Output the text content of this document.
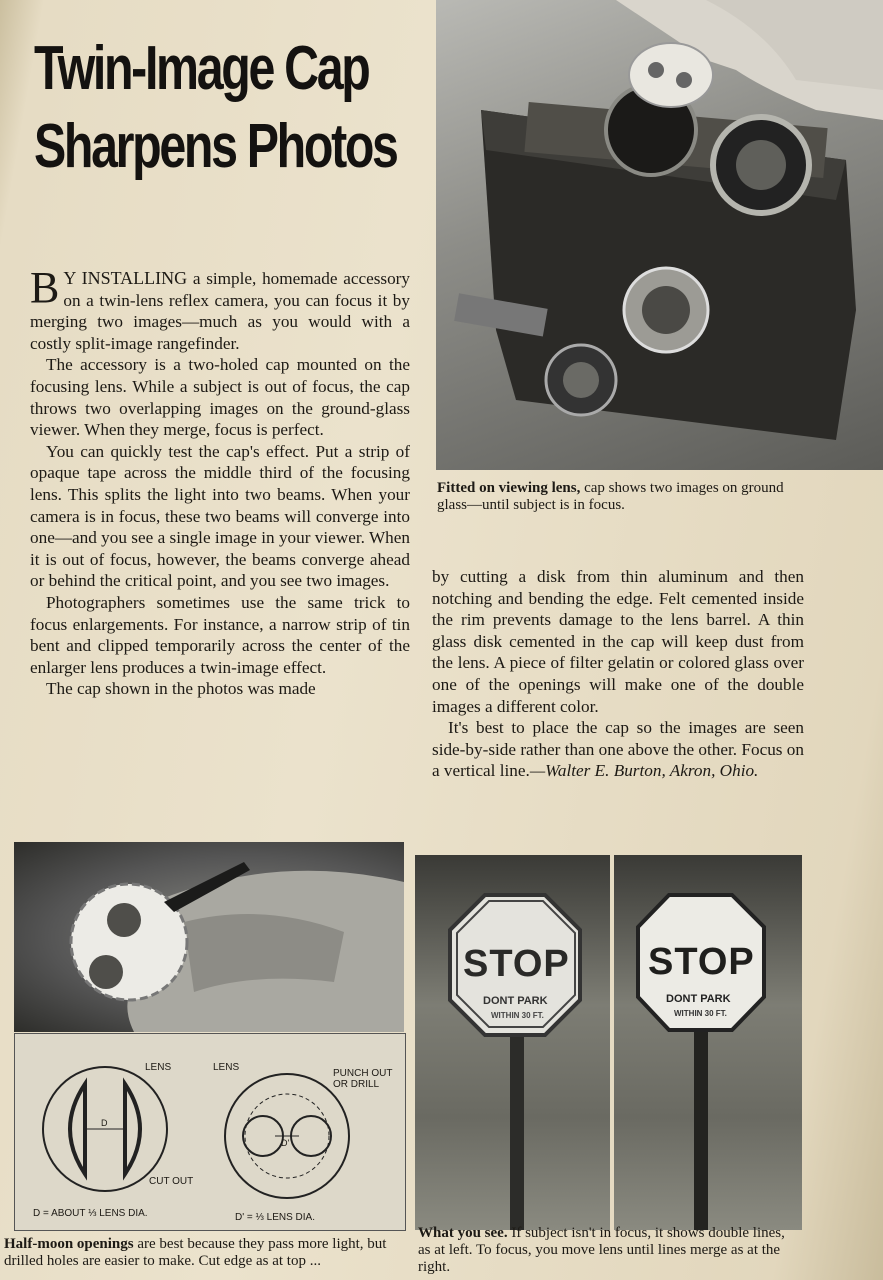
Twin-Image Cap
Sharpens Photos
Fitted on viewing lens, cap shows two images on ground glass—until subject is in focus.

B Y INSTALLING a simple, homemade accessory on a twin-lens reflex camera, you can focus it by merging two images—much as you would with a costly split-image rangefinder.

The accessory is a two-holed cap mounted on the focusing lens. While a subject is out of focus, the cap throws two overlapping images on the ground-glass viewer. When they merge, focus is perfect.

You can quickly test the cap's effect. Put a strip of opaque tape across the middle third of the focusing lens. This splits the light into two beams. When your camera is in focus, these two beams will converge into one—and you see a single image in your viewer. When it is out of focus, however, the beams converge ahead or behind the critical point, and you see two images.

Photographers sometimes use the same trick to focus enlargements. For instance, a narrow strip of tin bent and clipped temporarily across the center of the enlarger lens produces a twin-image effect.

The cap shown in the photos was made

by cutting a disk from thin aluminum and then notching and bending the edge. Felt cemented inside the rim prevents damage to the lens barrel. A thin glass disk cemented in the cap will keep dust from the lens. A piece of filter gelatin or colored glass over one of the openings will make one of the double images a different color.

It's best to place the cap so the images are seen side-by-side rather than one above the other. Focus on a vertical line.—Walter E. Burton, Akron, Ohio.

LENS	LENS
PUNCH OUT OR DRILL
CUT OUT
D
D'
D = ABOUT ⅓ LENS DIA.	D' = ⅓ LENS DIA.
Half-moon openings are best because they pass more light, but drilled holes are easier to make. Cut edge as at top ...
STOP
DONT PARK
WITHIN 30 FT.
STOP
DONT PARK
WITHIN 30 FT.
What you see. If subject isn't in focus, it shows double lines, as at left. To focus, you move lens until lines merge as at the right.
